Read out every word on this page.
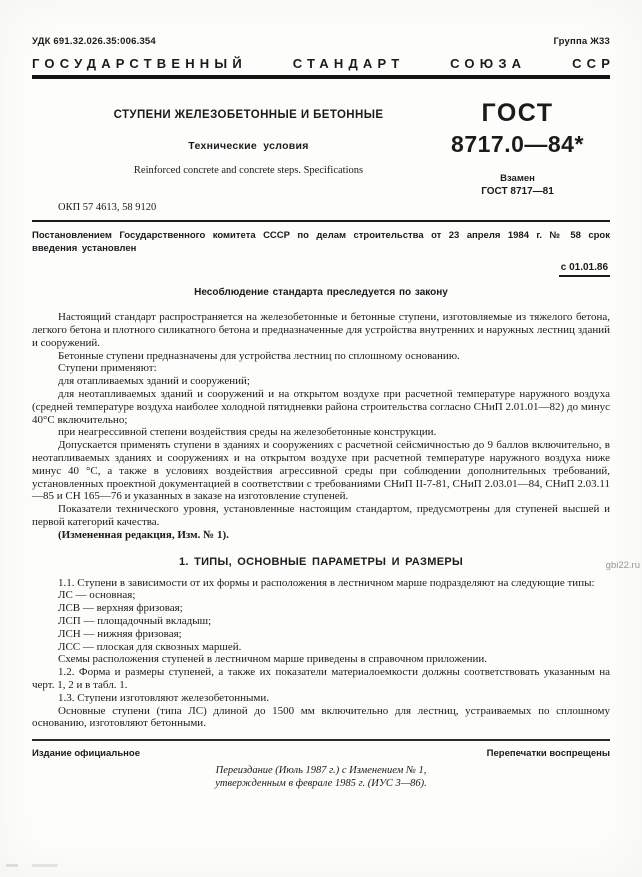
УДК 691.32.026.35:006.354	Группа Ж33
ГОСУДАРСТВЕННЫЙ	СТАНДАРТ	СОЮЗА	ССР
СТУПЕНИ ЖЕЛЕЗОБЕТОННЫЕ И БЕТОННЫЕ
Технические условия
Reinforced concrete and concrete steps. Specifications
ГОСТ
8717.0—84*
Взамен
ГОСТ 8717—81
ОКП 57 4613, 58 9120
Постановлением Государственного комитета СССР по делам строительства от 23 апреля 1984 г. № 58 срок введения установлен
с 01.01.86
Несоблюдение стандарта преследуется по закону

Настоящий стандарт распространяется на железобетонные и бетонные ступени, изготовляемые из тяжелого бетона, легкого бетона и плотного силикатного бетона и предназначенные для устройства внутренних и наружных лестниц зданий и сооружений.

Бетонные ступени предназначены для устройства лестниц по сплошному основанию.

Ступени применяют:

для отапливаемых зданий и сооружений;

для неотапливаемых зданий и сооружений и на открытом воздухе при расчетной температуре наружного воздуха (средней температуре воздуха наиболее холодной пятидневки района строительства согласно СНиП 2.01.01—82) до минус 40°С включительно;

при неагрессивной степени воздействия среды на железобетонные конструкции.

Допускается применять ступени в зданиях и сооружениях с расчетной сейсмичностью до 9 баллов включительно, в неотапливаемых зданиях и сооружениях и на открытом воздухе при расчетной температуре наружного воздуха ниже минус 40 °С, а также в условиях воздействия агрессивной среды при соблюдении дополнительных требований, установленных проектной документацией в соответствии с требованиями СНиП II-7-81, СНиП 2.03.01—84, СНиП 2.03.11—85 и СН 165—76 и указанных в заказе на изготовление ступеней.

Показатели технического уровня, установленные настоящим стандартом, предусмотрены для ступеней высшей и первой категорий качества.

(Измененная редакция, Изм. № 1).

1. ТИПЫ, ОСНОВНЫЕ ПАРАМЕТРЫ И РАЗМЕРЫ

1.1. Ступени в зависимости от их формы и расположения в лестничном марше подразделяют на следующие типы:

ЛС — основная;

ЛСВ — верхняя фризовая;

ЛСП — площадочный вкладыш;

ЛСН — нижняя фризовая;

ЛСС — плоская для сквозных маршей.

Схемы расположения ступеней в лестничном марше приведены в справочном приложении.

1.2. Форма и размеры ступеней, а также их показатели материалоемкости должны соответствовать указанным на черт. 1, 2 и в табл. 1.

1.3. Ступени изготовляют железобетонными.

Основные ступени (типа ЛС) длиной до 1500 мм включительно для лестниц, устраиваемых по сплошному основанию, изготовляют бетонными.

Издание официальное	Перепечатки воспрещены
Переиздание (Июль 1987 г.) с Изменением № 1,
утвержденным в феврале 1985 г. (ИУС 3—86).
gbi22.ru
